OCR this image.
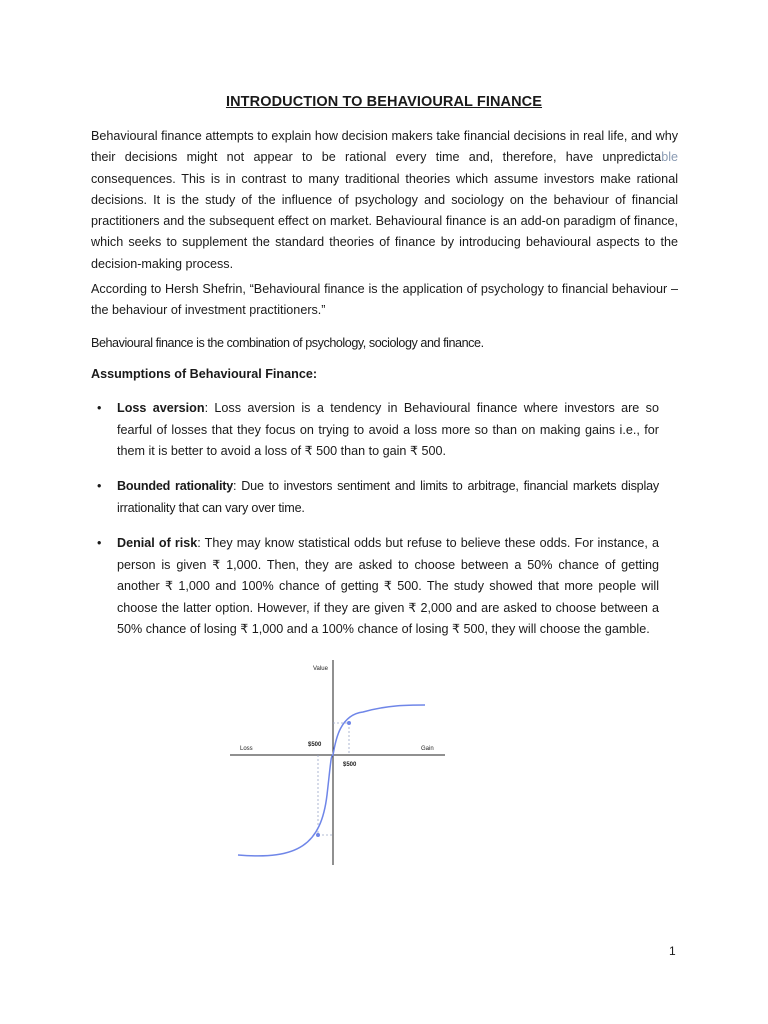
INTRODUCTION TO BEHAVIOURAL FINANCE

Behavioural finance attempts to explain how decision makers take financial decisions in real life, and why their decisions might not appear to be rational every time and, therefore, have unpredictable consequences. This is in contrast to many traditional theories which assume investors make rational decisions. It is the study of the influence of psychology and sociology on the behaviour of financial practitioners and the subsequent effect on market. Behavioural finance is an add-on paradigm of finance, which seeks to supplement the standard theories of finance by introducing behavioural aspects to the decision-making process.

According to Hersh Shefrin, “Behavioural finance is the application of psychology to financial behaviour – the behaviour of investment practitioners.”

Behavioural finance is the combination of psychology, sociology and finance.

Assumptions of Behavioural Finance:
• Loss aversion: Loss aversion is a tendency in Behavioural finance where investors are so fearful of losses that they focus on trying to avoid a loss more so than on making gains i.e., for them it is better to avoid a loss of ₹ 500 than to gain ₹ 500.

• Bounded rationality: Due to investors sentiment and limits to arbitrage, financial markets display irrationality that can vary over time.

• Denial of risk: They may know statistical odds but refuse to believe these odds. For instance, a person is given ₹ 1,000. Then, they are asked to choose between a 50% chance of getting another ₹ 1,000 and 100% chance of getting ₹ 500. The study showed that more people will choose the latter option. However, if they are given ₹ 2,000 and are asked to choose between a 50% chance of losing ₹ 1,000 and a 100% chance of losing ₹ 500, they will choose the gamble.

Value
Loss	Gain
$500
$500
1
